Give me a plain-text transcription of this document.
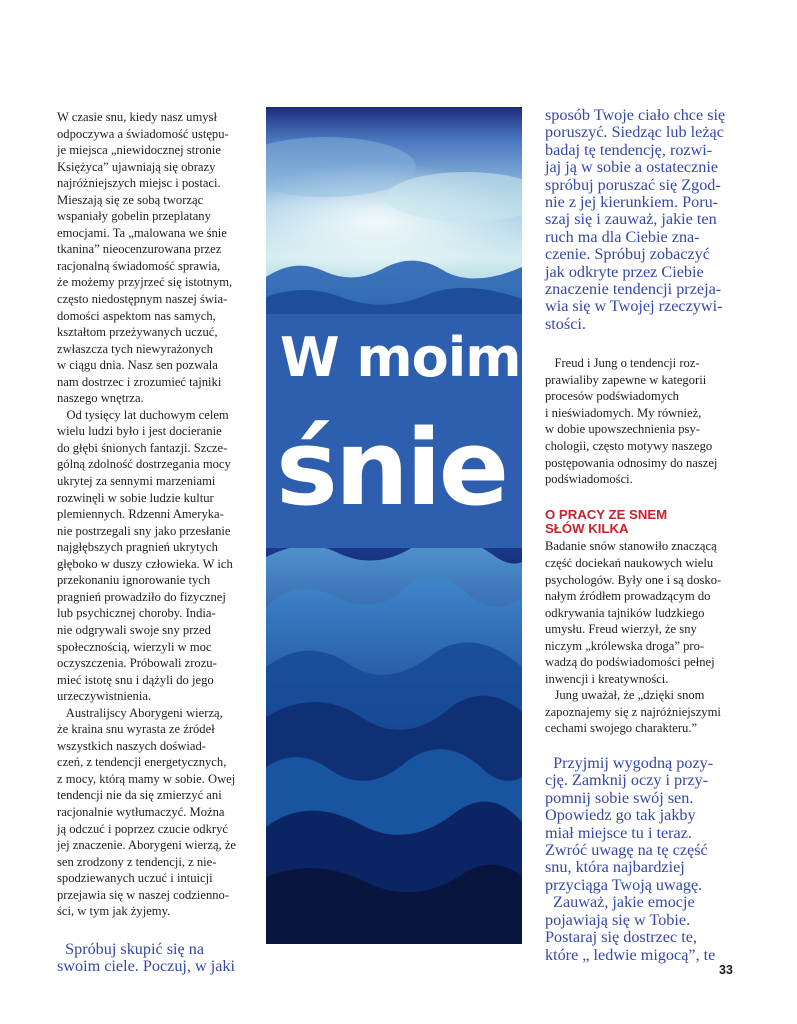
W czasie snu, kiedy nasz umysł

odpoczywa a świadomość ustępu-

je miejsca „niewidocznej stronie

Księżyca” ujawniają się obrazy

najróżniejszych miejsc i postaci.

Mieszają się ze sobą tworząc

wspaniały gobelin przeplatany

emocjami. Ta „malowana we śnie

tkanina” nieocenzurowana przez

racjonalną świadomość sprawia,

że możemy przyjrzeć się istotnym,

często niedostępnym naszej świa-

domości aspektom nas samych,

kształtom przeżywanych uczuć,

zwłaszcza tych niewyrażonych

w ciągu dnia. Nasz sen pozwala

nam dostrzec i zrozumieć tajniki

naszego wnętrza.

Od tysięcy lat duchowym celem

wielu ludzi było i jest docieranie

do głębi śnionych fantazji. Szcze-

gólną zdolność dostrzegania mocy

ukrytej za sennymi marzeniami

rozwinęli w sobie ludzie kultur

plemiennych. Rdzenni Ameryka-

nie postrzegali sny jako przesłanie

najgłębszych pragnień ukrytych

głęboko w duszy człowieka. W ich

przekonaniu ignorowanie tych

pragnień prowadziło do fizycznej

lub psychicznej choroby. India-

nie odgrywali swoje sny przed

społecznością, wierzyli w moc

oczyszczenia. Próbowali zrozu-

mieć istotę snu i dążyli do jego

urzeczywistnienia.

Australijscy Aborygeni wierzą,

że kraina snu wyrasta ze źródeł

wszystkich naszych doświad-

czeń, z tendencji energetycznych,

z mocy, którą mamy w sobie. Owej

tendencji nie da się zmierzyć ani

racjonalnie wytłumaczyć. Można

ją odczuć i poprzez czucie odkryć

jej znaczenie. Aborygeni wierzą, że

sen zrodzony z tendencji, z nie-

spodziewanych uczuć i intuicji

przejawia się w naszej codzienno-

ści, w tym jak żyjemy.

Spróbuj skupić się na

swoim ciele. Poczuj, w jaki

W moim
śnie

sposób Twoje ciało chce się

poruszyć. Siedząc lub leżąc

badaj tę tendencję, rozwi-

jaj ją w sobie a ostatecznie

spróbuj poruszać się Zgod-

nie z jej kierunkiem. Poru-

szaj się i zauważ, jakie ten

ruch ma dla Ciebie zna-

czenie. Spróbuj zobaczyć

jak odkryte przez Ciebie

znaczenie tendencji przeja-

wia się w Twojej rzeczywi-

stości.

Freud i Jung o tendencji roz-

prawialiby zapewne w kategorii

procesów podświadomych

i nieświadomych. My również,

w dobie upowszechnienia psy-

chologii, często motywy naszego

postępowania odnosimy do naszej

podświadomości.

O PRACY ZE SNEM

SŁÓW KILKA

Badanie snów stanowiło znaczącą

część dociekań naukowych wielu

psychologów. Były one i są dosko-

nałym źródłem prowadzącym do

odkrywania tajników ludzkiego

umysłu. Freud wierzył, że sny

niczym „królewska droga” pro-

wadzą do podświadomości pełnej

inwencji i kreatywności.

Jung uważał, że „dzięki snom

zapoznajemy się z najróżniejszymi

cechami swojego charakteru.”

Przyjmij wygodną pozy-

cję. Zamknij oczy i przy-

pomnij sobie swój sen.

Opowiedz go tak jakby

miał miejsce tu i teraz.

Zwróć uwagę na tę część

snu, która najbardziej

przyciąga Twoją uwagę.

Zauważ, jakie emocje

pojawiają się w Tobie.

Postaraj się dostrzec te,

które „ ledwie migocą”, te

33
